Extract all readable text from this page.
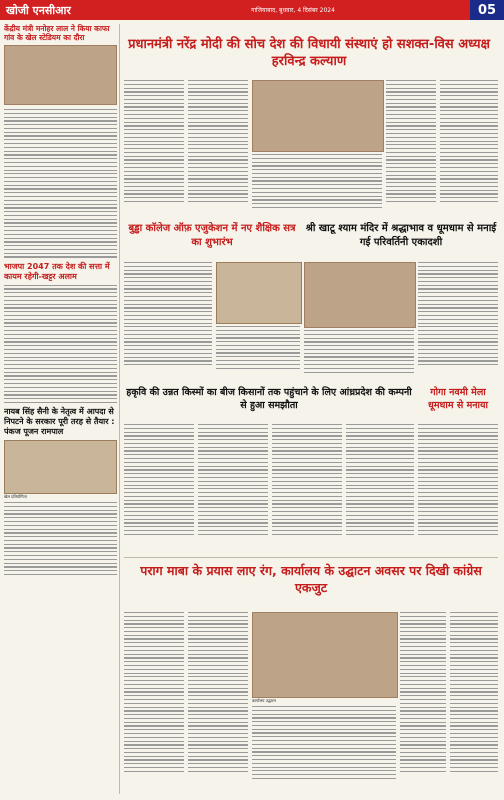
खोजी एनसीआर	गाजियाबाद, बुधवार, 4 दिसंबर 2024	05
केंद्रीय मंत्री मनोहर लाल ने किया काफा गांव के खेल स्टेडियम का दौरा
भाजपा 2047 तक देश की सत्ता में कायम रहेगी-खट्टर अलाम
नायब सिंह सैनी के नेतृत्व में आपदा से निपटने के सरकार पूरी तरह से तैयार : पंकज पूजन रामपाल
खेल प्रतियोगिता
प्रधानमंत्री नरेंद्र मोदी की सोच देश की विधायी संस्थाएं हो सशक्त-विस अध्यक्ष हरविन्द्र कल्याण
बुड्ढा कॉलेज ऑफ़ एजुकेशन में नए शैक्षिक सत्र का शुभारंभ
श्री खाटू श्याम मंदिर में श्रद्धाभाव व धूमधाम से मनाई गई परिवर्तिनी एकादशी
हकृवि की उन्नत किस्मों का बीज किसानों तक पहुंचाने के लिए आंध्रप्रदेश की कम्पनी से हुआ समझौता
गोगा नवमी मेला धूमधाम से मनाया
पराग माबा के प्रयास लाए रंग, कार्यालय के उद्घाटन अवसर पर दिखी कांग्रेस एकजुट
कार्यालय उद्घाटन
